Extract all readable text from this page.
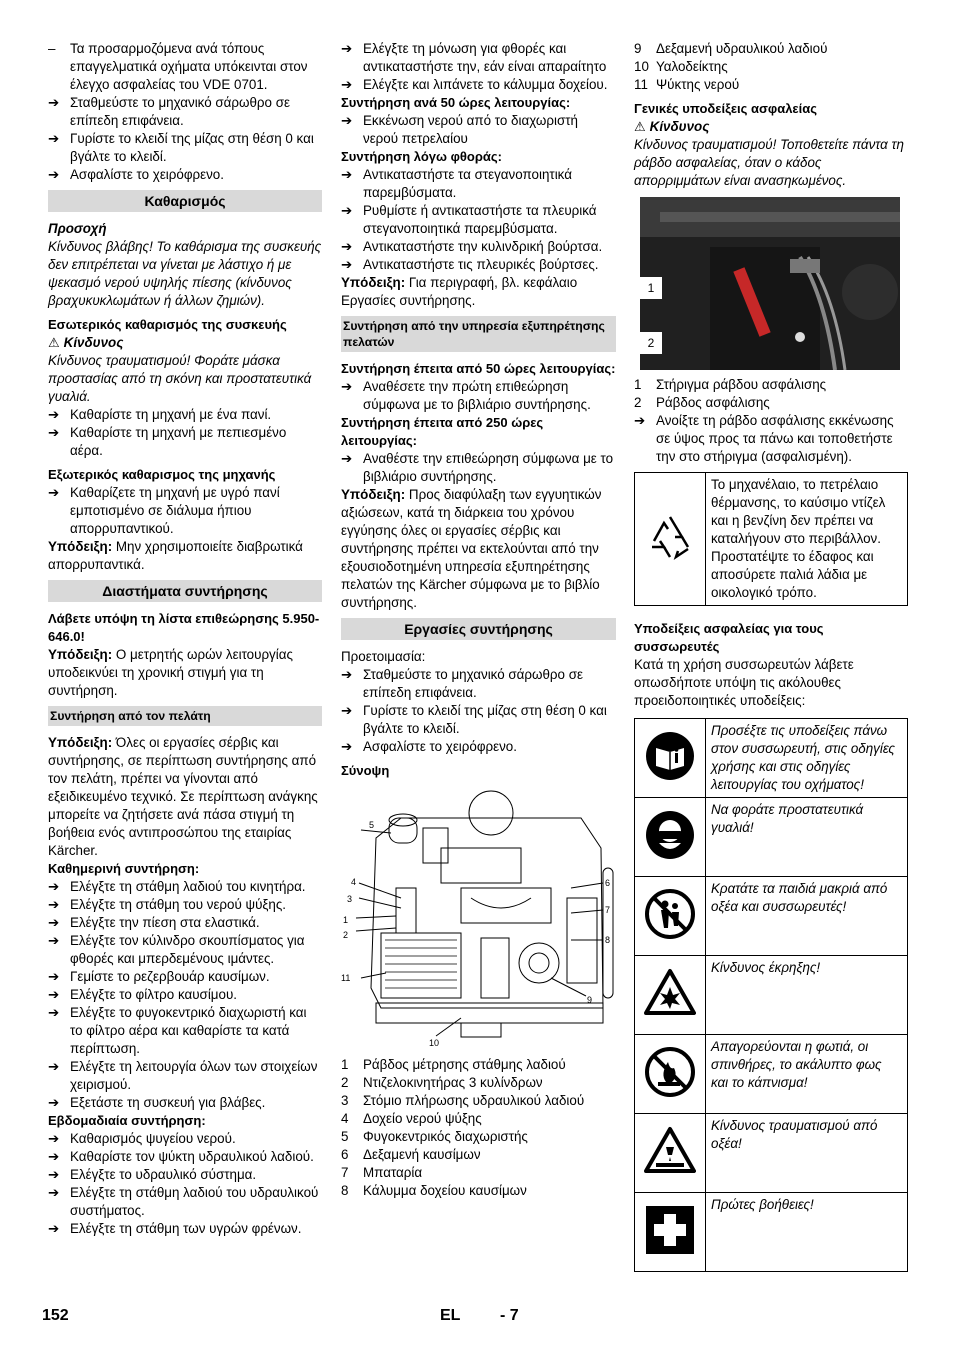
– Τα προσαρμοζόμενα ανά τόπους επαγγελματικά οχήματα υπόκεινται στον έλεγχο ασφαλείας του VDE 0701.

➔ Σταθμεύστε το μηχανικό σάρωθρο σε επίπεδη επιφάνεια.

➔ Γυρίστε το κλειδί της μίζας στη θέση 0 και βγάλτε το κλειδί.

➔ Ασφαλίστε το χειρόφρενο.

Καθαρισμός

Προσοχή

Κίνδυνος βλάβης! Το καθάρισμα της συσκευής δεν επιτρέπεται να γίνεται με λάστιχο ή με ψεκασμό νερού υψηλής πίεσης (κίνδυνος βραχυκυκλωμάτων ή άλλων ζημιών).

Εσωτερικός καθαρισμός της συσκευής

⚠ Κίνδυνος

Κίνδυνος τραυματισμού! Φοράτε μάσκα προστασίας από τη σκόνη και προστατευτικά γυαλιά.

➔ Καθαρίστε τη μηχανή με ένα πανί.

➔ Καθαρίστε τη μηχανή με πεπιεσμένο αέρα.

Εξωτερικός καθαρισμος της μηχανής

➔ Καθαρίζετε τη μηχανή με υγρό πανί εμποτισμένο σε διάλυμα ήπιου απορρυπαντικού.

Υπόδειξη: Μην χρησιμοποιείτε διαβρωτικά απορρυπαντικά.

Διαστήματα συντήρησης

Λάβετε υπόψη τη λίστα επιθεώρησης 5.950-646.0!

Υπόδειξη: Ο μετρητής ωρών λειτουργίας υποδεικνύει τη χρονική στιγμή για τη συντήρηση.

Συντήρηση από τον πελάτη

Υπόδειξη: Όλες οι εργασίες σέρβις και συντήρησης, σε περίπτωση συντήρησης από τον πελάτη, πρέπει να γίνονται από εξειδικευμένο τεχνικό. Σε περίπτωση ανάγκης μπορείτε να ζητήσετε ανά πάσα στιγμή τη βοήθεια ενός αντιπροσώπου της εταιρίας Kärcher.

Καθημερινή συντήρηση:

➔ Ελέγξτε τη στάθμη λαδιού του κινητήρα.

➔ Ελέγξτε τη στάθμη του νερού ψύξης.

➔ Ελέγξτε την πίεση στα ελαστικά.

➔ Ελέγξτε τον κύλινδρο σκουπίσματος για φθορές και μπερδεμένους ιμάντες.

➔ Γεμίστε το ρεζερβουάρ καυσίμων.

➔ Ελέγξτε το φίλτρο καυσίμου.

➔ Ελέγξτε το φυγοκεντρικό διαχωριστή και το φίλτρο αέρα και καθαρίστε τα κατά περίπτωση.

➔ Ελέγξτε τη λειτουργία όλων των στοιχείων χειρισμού.

➔ Εξετάστε τη συσκευή για βλάβες.

Εβδομαδιαία συντήρηση:

➔ Καθαρισμός ψυγείου νερού.

➔ Καθαρίστε τον ψύκτη υδραυλικού λαδιού.

➔ Ελέγξτε το υδραυλικό σύστημα.

➔ Ελέγξτε τη στάθμη λαδιού του υδραυλικού συστήματος.

➔ Ελέγξτε τη στάθμη των υγρών φρένων.

➔ Ελέγξτε τη μόνωση για φθορές και αντικαταστήστε την, εάν είναι απαραίτητο

➔ Ελέγξτε και λιπάνετε το κάλυμμα δοχείου.

Συντήρηση ανά 50 ώρες λειτουργίας:

➔ Εκκένωση νερού από το διαχωριστή νερού πετρελαίου

Συντήρηση λόγω φθοράς:

➔ Αντικαταστήστε τα στεγανοποιητικά παρεμβύσματα.

➔ Ρυθμίστε ή αντικαταστήστε τα πλευρικά στεγανοποιητικά παρεμβύσματα.

➔ Αντικαταστήστε την κυλινδρική βούρτσα.

➔ Αντικαταστήστε τις πλευρικές βούρτσες.

Υπόδειξη: Για περιγραφή, βλ. κεφάλαιο Εργασίες συντήρησης.

Συντήρηση από την υπηρεσία εξυπηρέτησης πελατών

Συντήρηση έπειτα από 50 ώρες λειτουργίας:

➔ Αναθέσετε την πρώτη επιθεώρηση σύμφωνα με το βιβλιάριο συντήρησης.

Συντήρηση έπειτα από 250 ώρες λειτουργίας:

➔ Αναθέστε την επιθεώρηση σύμφωνα με το βιβλιάριο συντήρησης.

Υπόδειξη: Προς διαφύλαξη των εγγυητικών αξιώσεων, κατά τη διάρκεια του χρόνου εγγύησης όλες οι εργασίες σέρβις και συντήρησης πρέπει να εκτελούνται από την εξουσιοδοτημένη υπηρεσία εξυπηρέτησης πελατών της Kärcher σύμφωνα με το βιβλίο συντήρησης.

Εργασίες συντήρησης

Προετοιμασία:

➔ Σταθμεύστε το μηχανικό σάρωθρο σε επίπεδη επιφάνεια.

➔ Γυρίστε το κλειδί της μίζας στη θέση 0 και βγάλτε το κλειδί.

➔ Ασφαλίστε το χειρόφρενο.

Σύνοψη

1
2
3
4
5
6
7
8
9
10
11

1 Ράβδος μέτρησης στάθμης λαδιού

2 Ντιζελοκινητήρας 3 κυλίνδρων

3 Στόμιο πλήρωσης υδραυλικού λαδιού

4 Δοχείο νερού ψύξης

5 Φυγοκεντρικός διαχωριστής

6 Δεξαμενή καυσίμων

7 Μπαταρία

8 Κάλυμμα δοχείου καυσίμων

9 Δεξαμενή υδραυλικού λαδιού

10 Υαλοδείκτης

11 Ψύκτης νερού

Γενικές υποδείξεις ασφαλείας

⚠ Κίνδυνος

Κίνδυνος τραυματισμού! Τοποθετείτε πάντα τη ράβδο ασφαλείας, όταν ο κάδος απορριμμάτων είναι ανασηκωμένος.

1
2

1 Στήριγμα ράβδου ασφάλισης

2 Ράβδος ασφάλισης

➔ Ανοίξτε τη ράβδο ασφάλισης εκκένωσης σε ύψος προς τα πάνω και τοποθετήστε την στο στήριγμα (ασφαλισμένη).

	Το μηχανέλαιο, το πετρέλαιο θέρμανσης, το καύσιμο ντίζελ και η βενζίνη δεν πρέπει να καταλήγουν στο περιβάλλον. Προστατέψτε το έδαφος και αποσύρετε παλιά λάδια με οικολογικό τρόπο.

Υποδείξεις ασφαλείας για τους συσσωρευτές

Κατά τη χρήση συσσωρευτών λάβετε οπωσδήποτε υπόψη τις ακόλουθες προειδοποιητικές υποδείξεις:

	Προσέξτε τις υποδείξεις πάνω στον συσσωρευτή, στις οδηγίες χρήσης και στις οδηγίες λειτουργίας του οχήματος!
	Να φοράτε προστατευτικά γυαλιά!
	Κρατάτε τα παιδιά μακριά από οξέα και συσσωρευτές!
	Κίνδυνος έκρηξης!
	Απαγορεύονται η φωτιά, οι σπινθήρες, το ακάλυπτο φως και το κάπνισμα!
	Κίνδυνος τραυματισμού από οξέα!
	Πρώτες βοήθειες!
152	EL - 7
